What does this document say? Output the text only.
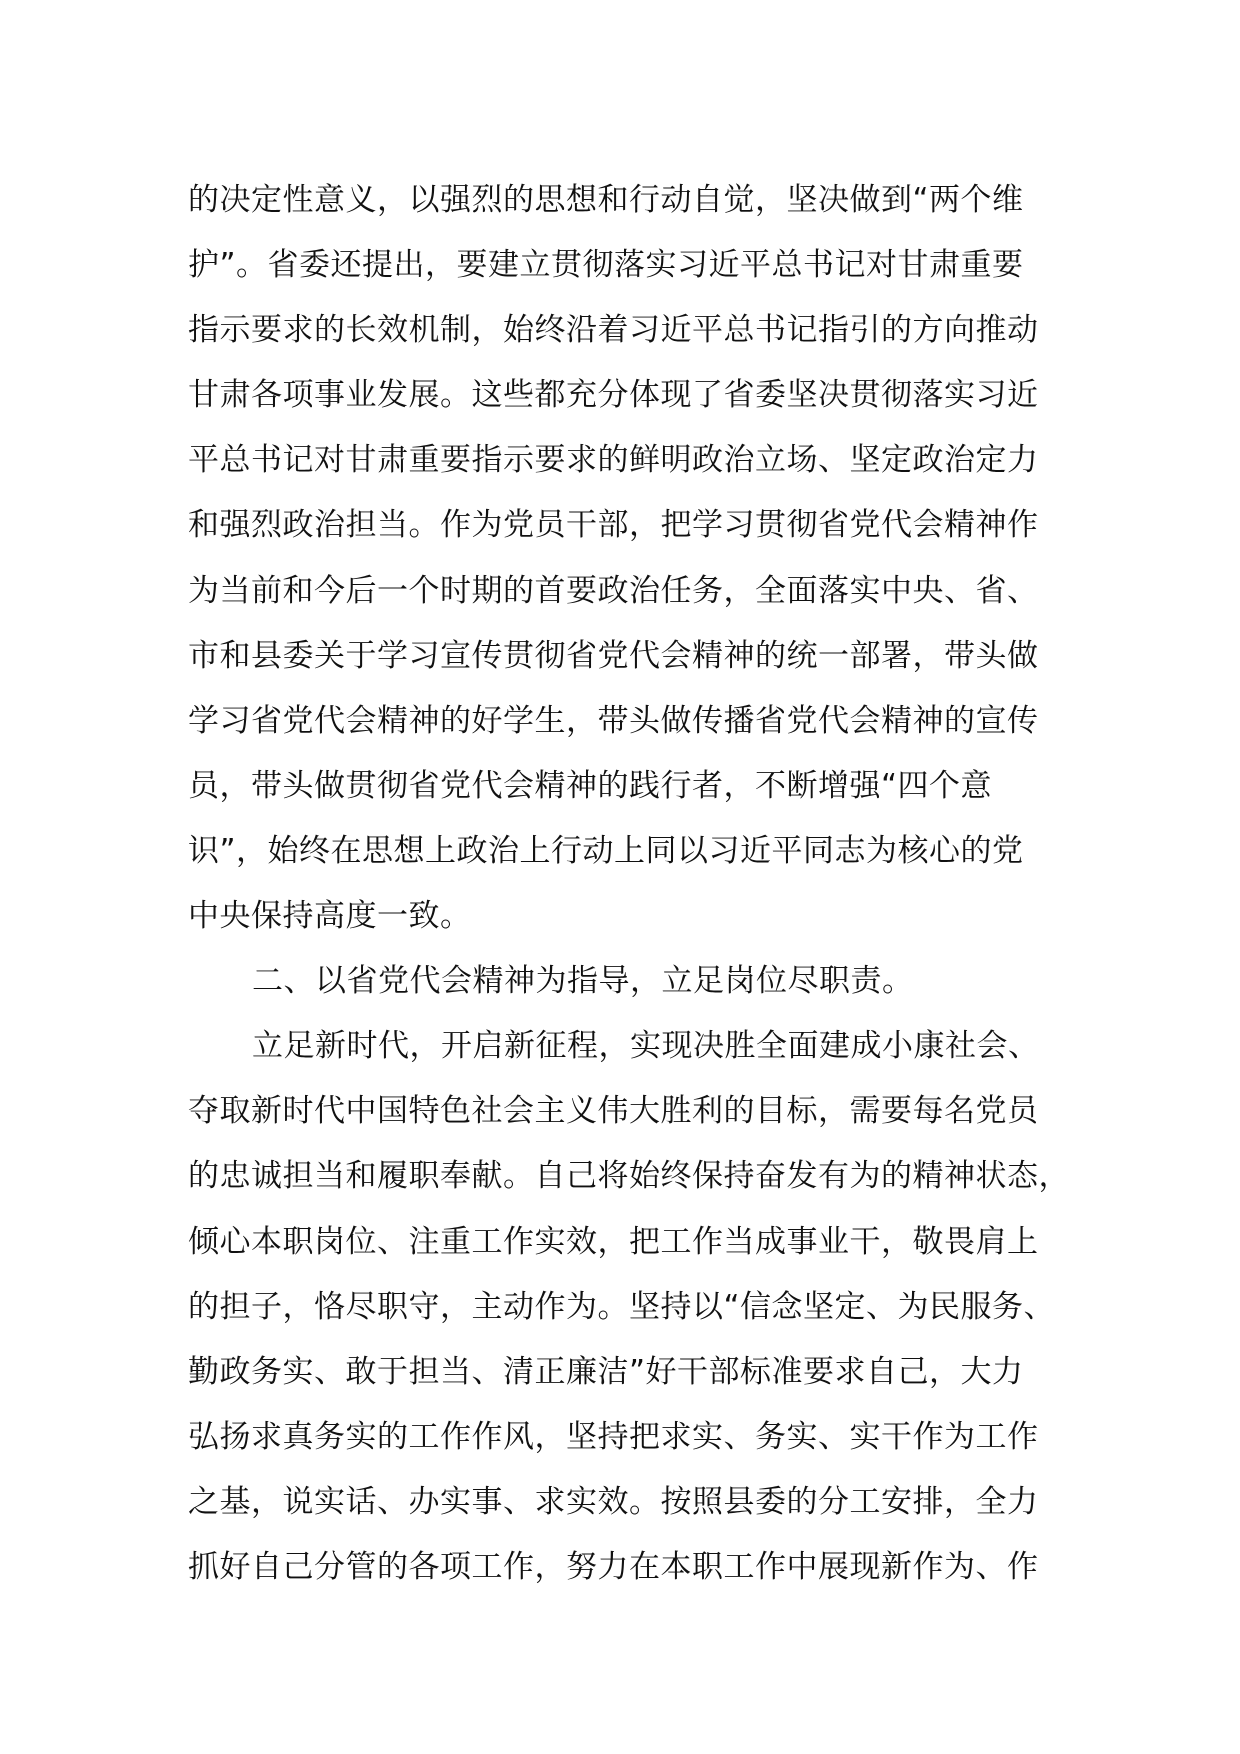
的决定性意义，以强烈的思想和行动自觉，坚决做到“两个维
护”。省委还提出，要建立贯彻落实习近平总书记对甘肃重要
指示要求的长效机制，始终沿着习近平总书记指引的方向推动
甘肃各项事业发展。这些都充分体现了省委坚决贯彻落实习近
平总书记对甘肃重要指示要求的鲜明政治立场、坚定政治定力
和强烈政治担当。作为党员干部，把学习贯彻省党代会精神作
为当前和今后一个时期的首要政治任务，全面落实中央、省、
市和县委关于学习宣传贯彻省党代会精神的统一部署，带头做
学习省党代会精神的好学生，带头做传播省党代会精神的宣传
员，带头做贯彻省党代会精神的践行者，不断增强“四个意
识”，始终在思想上政治上行动上同以习近平同志为核心的党
中央保持高度一致。
二、以省党代会精神为指导，立足岗位尽职责。
立足新时代，开启新征程，实现决胜全面建成小康社会、
夺取新时代中国特色社会主义伟大胜利的目标，需要每名党员
的忠诚担当和履职奉献。自己将始终保持奋发有为的精神状态，
倾心本职岗位、注重工作实效，把工作当成事业干，敬畏肩上
的担子，恪尽职守，主动作为。坚持以“信念坚定、为民服务、
勤政务实、敢于担当、清正廉洁”好干部标准要求自己，大力
弘扬求真务实的工作作风，坚持把求实、务实、实干作为工作
之基，说实话、办实事、求实效。按照县委的分工安排，全力
抓好自己分管的各项工作，努力在本职工作中展现新作为、作
